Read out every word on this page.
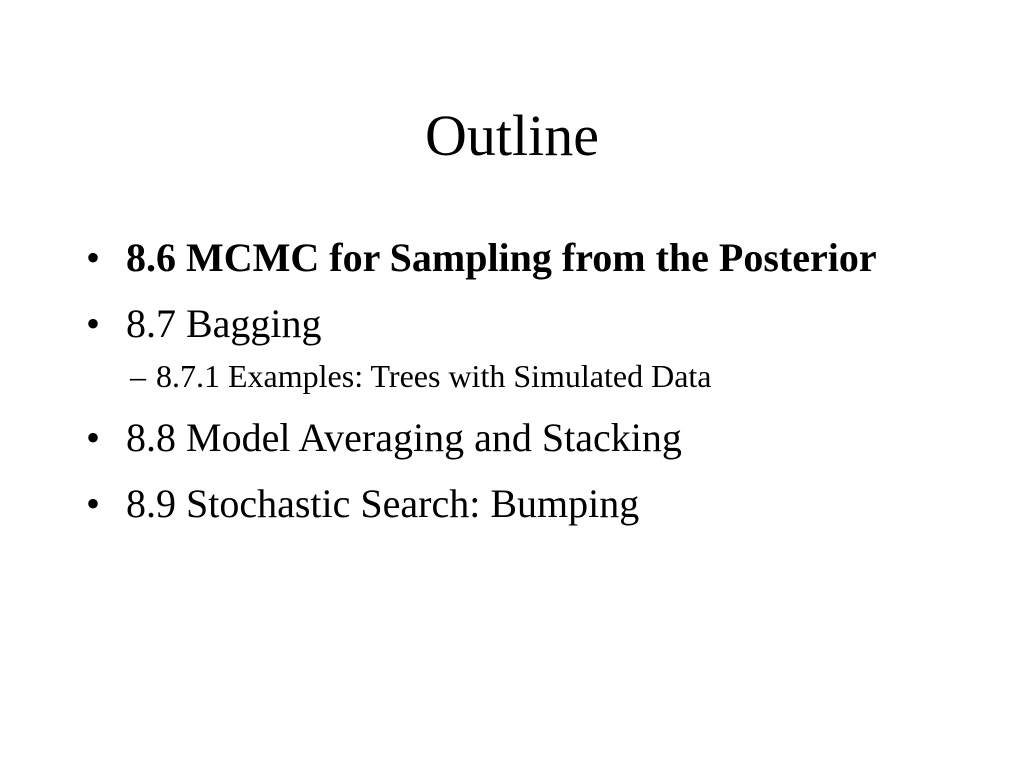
Outline
• 8.6 MCMC for Sampling from the Posterior
• 8.7 Bagging
– 8.7.1 Examples: Trees with Simulated Data
• 8.8 Model Averaging and Stacking
• 8.9 Stochastic Search: Bumping
